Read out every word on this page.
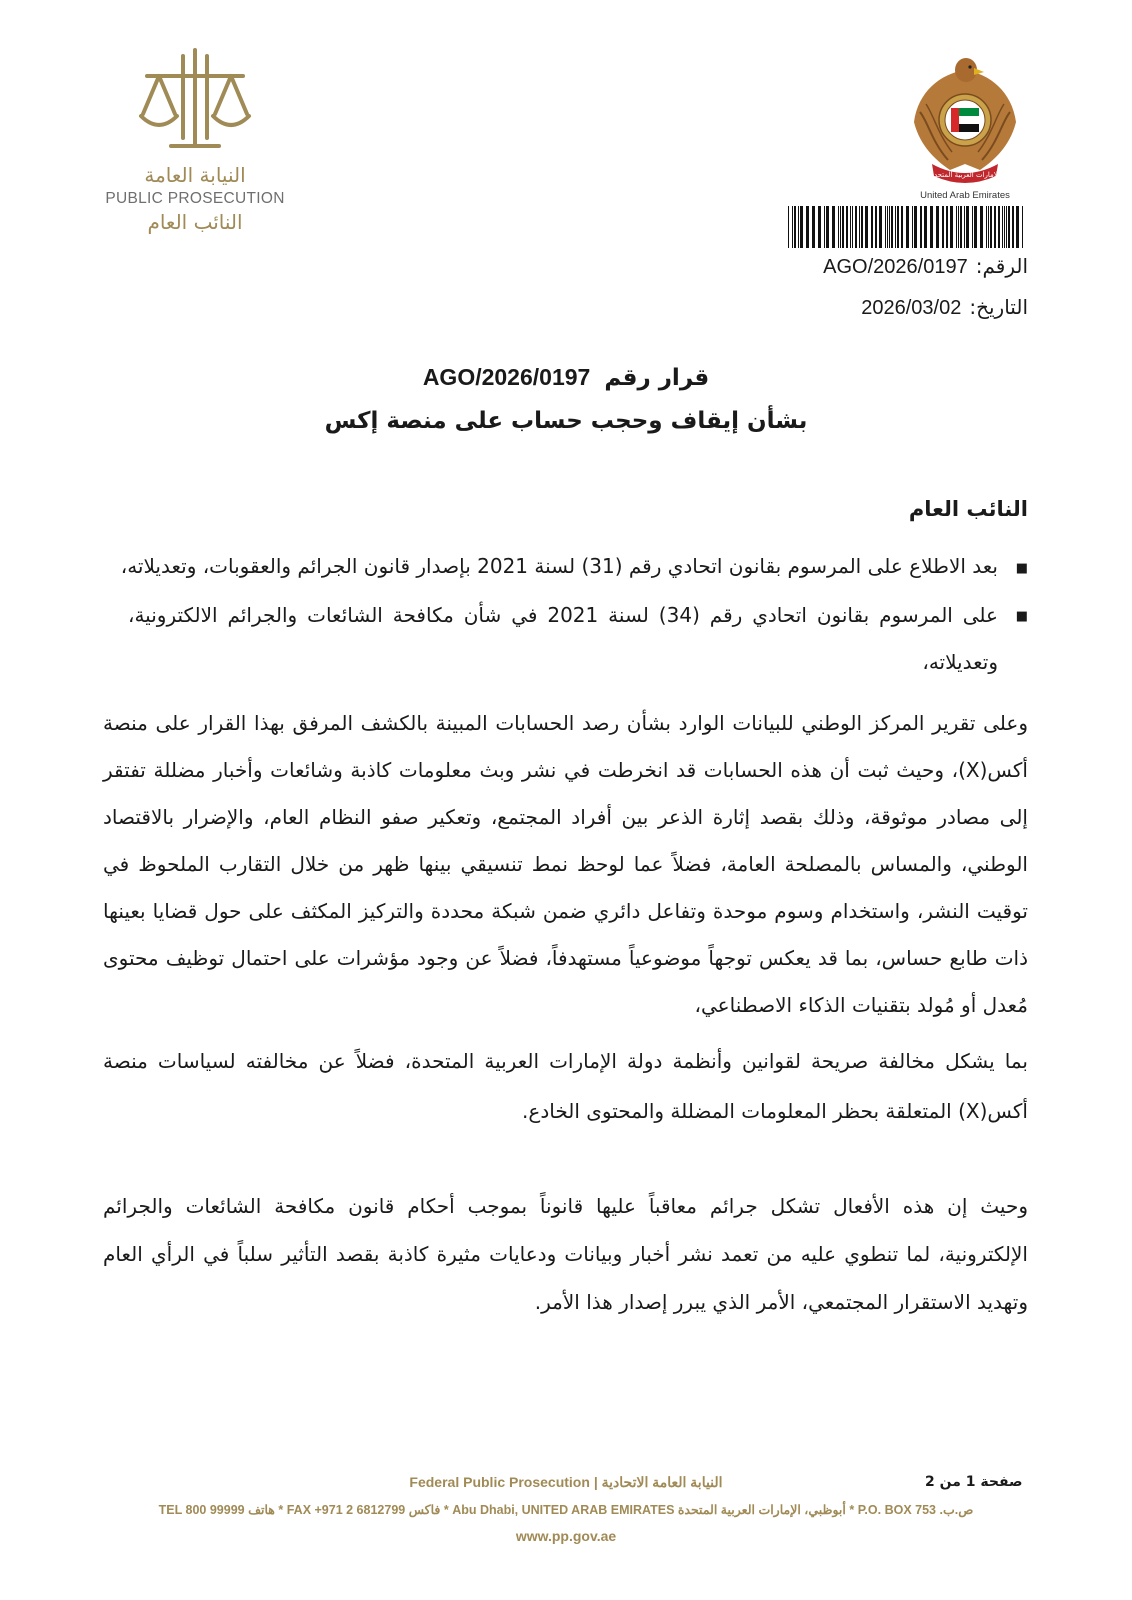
النيابة العامة
PUBLIC PROSECUTION
النائب العام
الإمارات العربية المتحدة
United Arab Emirates
الرقم:AGO/2026/0197
التاريخ:2026/03/02
قرار رقم AGO/2026/0197
بشأن إيقاف وحجب حساب على منصة إكس
النائب العام
■
بعد الاطلاع على المرسوم بقانون اتحادي رقم (31) لسنة 2021 بإصدار قانون الجرائم والعقوبات، وتعديلاته،
■
على المرسوم بقانون اتحادي رقم (34) لسنة 2021 في شأن مكافحة الشائعات والجرائم الالكترونية، وتعديلاته،
وعلى تقرير المركز الوطني للبيانات الوارد بشأن رصد الحسابات المبينة بالكشف المرفق بهذا القرار على منصة أكس(X)، وحيث ثبت أن هذه الحسابات قد انخرطت في نشر وبث معلومات كاذبة وشائعات وأخبار مضللة تفتقر إلى مصادر موثوقة، وذلك بقصد إثارة الذعر بين أفراد المجتمع، وتعكير صفو النظام العام، والإضرار بالاقتصاد الوطني، والمساس بالمصلحة العامة، فضلاً عما لوحظ نمط تنسيقي بينها ظهر من خلال التقارب الملحوظ في توقيت النشر، واستخدام وسوم موحدة وتفاعل دائري ضمن شبكة محددة والتركيز المكثف على حول قضايا بعينها ذات طابع حساس، بما قد يعكس توجهاً موضوعياً مستهدفاً، فضلاً عن وجود مؤشرات على احتمال توظيف محتوى مُعدل أو مُولد بتقنيات الذكاء الاصطناعي،
بما يشكل مخالفة صريحة لقوانين وأنظمة دولة الإمارات العربية المتحدة، فضلاً عن مخالفته لسياسات منصة أكس(X) المتعلقة بحظر المعلومات المضللة والمحتوى الخادع.
وحيث إن هذه الأفعال تشكل جرائم معاقباً عليها قانوناً بموجب أحكام قانون مكافحة الشائعات والجرائم الإلكترونية، لما تنطوي عليه من تعمد نشر أخبار وبيانات ودعايات مثيرة كاذبة بقصد التأثير سلباً في الرأي العام وتهديد الاستقرار المجتمعي، الأمر الذي يبرر إصدار هذا الأمر.
صفحة 1 من 2
Federal Public Prosecution | النيابة العامة الاتحادية
ص.ب. 753 P.O. BOX * أبوظبي، الإمارات العربية المتحدة Abu Dhabi, UNITED ARAB EMIRATES * فاكس FAX +971 2 6812799 * هاتف TEL 800 99999
www.pp.gov.ae
